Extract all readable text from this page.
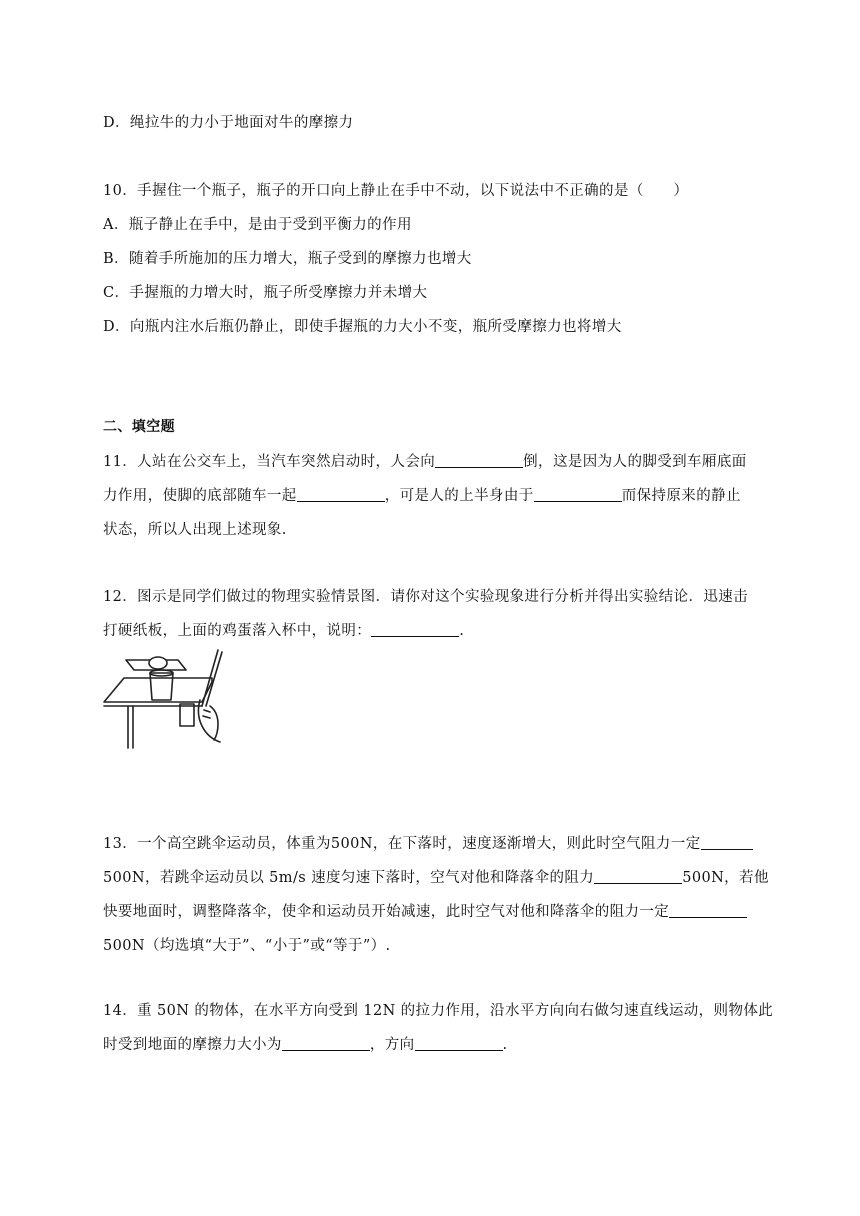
D．绳拉牛的力小于地面对牛的摩擦力
10．手握住一个瓶子，瓶子的开口向上静止在手中不动，以下说法中不正确的是（　　）
A．瓶子静止在手中，是由于受到平衡力的作用
B．随着手所施加的压力增大，瓶子受到的摩擦力也增大
C．手握瓶的力增大时，瓶子所受摩擦力并未增大
D．向瓶内注水后瓶仍静止，即使手握瓶的力大小不变，瓶所受摩擦力也将增大
二、填空题
11．人站在公交车上，当汽车突然启动时，人会向	倒，这是因为人的脚受到车厢底面
力作用，使脚的底部随车一起	，可是人的上半身由于	而保持原来的静止
状态，所以人出现上述现象.
12．图示是同学们做过的物理实验情景图．请你对这个实验现象进行分析并得出实验结论．迅速击
打硬纸板，上面的鸡蛋落入杯中，说明：	.
13．一个高空跳伞运动员，体重为500N，在下落时，速度逐渐增大，则此时空气阻力一定
500N，若跳伞运动员以 5m/s 速度匀速下落时，空气对他和降落伞的阻力	500N，若他
快要地面时，调整降落伞，使伞和运动员开始减速，此时空气对他和降落伞的阻力一定
500N（均选填“大于”、“小于”或“等于”）.
14．重 50N 的物体，在水平方向受到 12N 的拉力作用，沿水平方向向右做匀速直线运动，则物体此
时受到地面的摩擦力大小为	，方向	.
